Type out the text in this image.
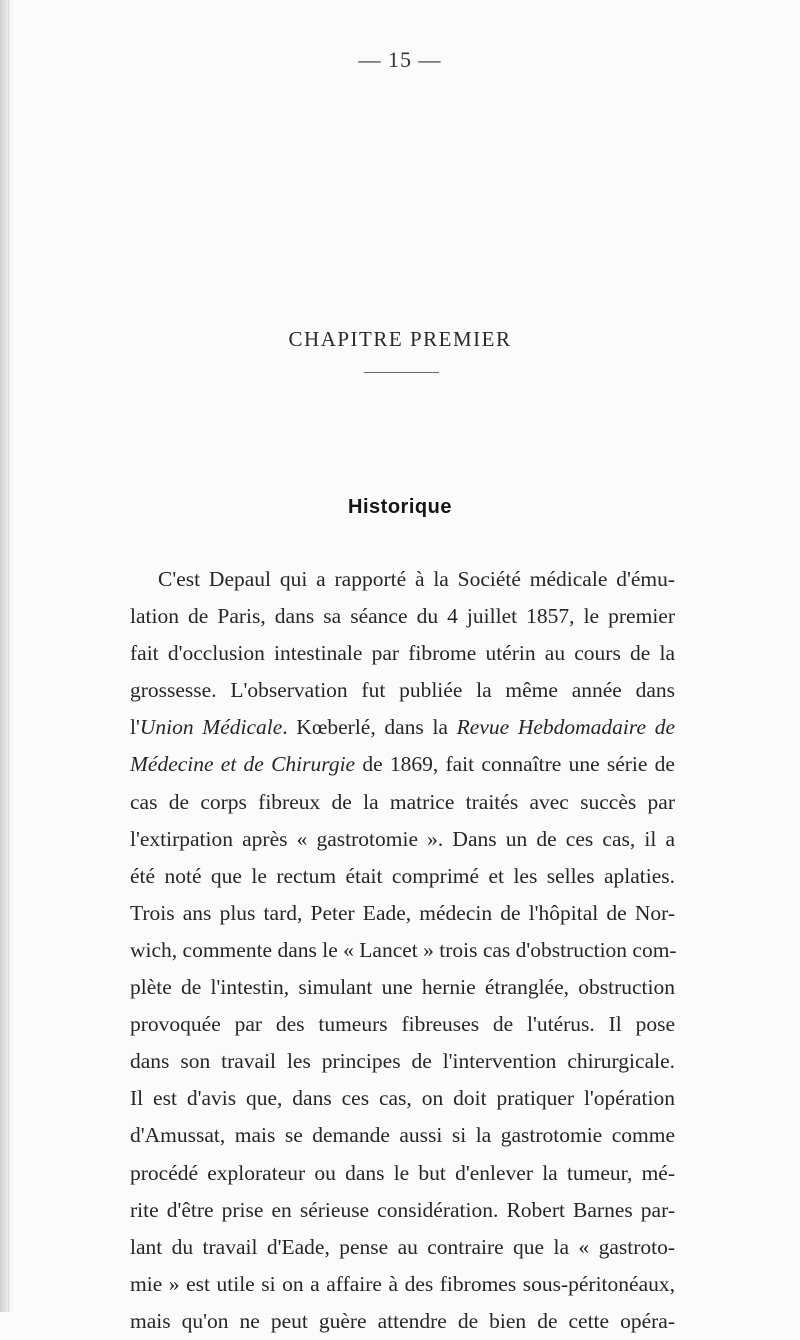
— 15 —
CHAPITRE PREMIER
Historique
C'est Depaul qui a rapporté à la Société médicale d'ému-
lation de Paris, dans sa séance du 4 juillet 1857, le premier
fait d'occlusion intestinale par fibrome utérin au cours de la
grossesse. L'observation fut publiée la même année dans
l'Union Médicale. Kœberlé, dans la Revue Hebdomadaire de
Médecine et de Chirurgie de 1869, fait connaître une série de
cas de corps fibreux de la matrice traités avec succès par
l'extirpation après « gastrotomie ». Dans un de ces cas, il a
été noté que le rectum était comprimé et les selles aplaties.
Trois ans plus tard, Peter Eade, médecin de l'hôpital de Nor-
wich, commente dans le « Lancet » trois cas d'obstruction com-
plète de l'intestin, simulant une hernie étranglée, obstruction
provoquée par des tumeurs fibreuses de l'utérus. Il pose
dans son travail les principes de l'intervention chirurgicale.
Il est d'avis que, dans ces cas, on doit pratiquer l'opération
d'Amussat, mais se demande aussi si la gastrotomie comme
procédé explorateur ou dans le but d'enlever la tumeur, mé-
rite d'être prise en sérieuse considération. Robert Barnes par-
lant du travail d'Eade, pense au contraire que la « gastroto-
mie » est utile si on a affaire à des fibromes sous-péritonéaux,
mais qu'on ne peut guère attendre de bien de cette opéra-
